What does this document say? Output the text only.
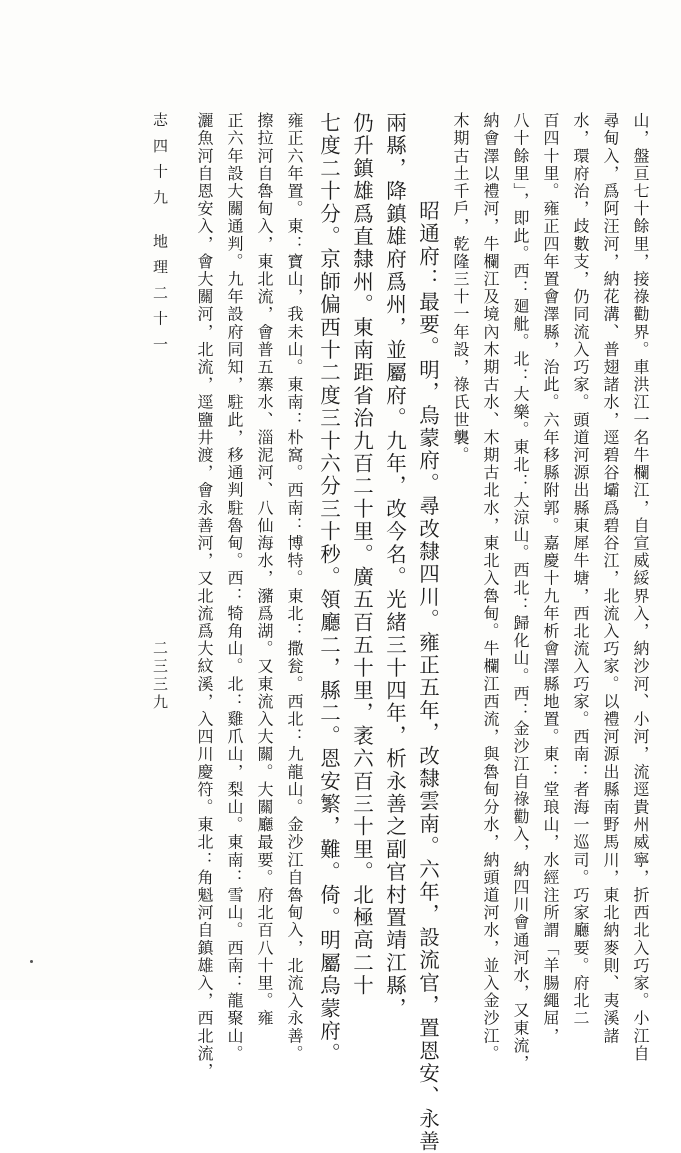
山，盤亘七十餘里，接祿勸界。車洪江一名牛欄江，自宣威綏界入，納沙河、小河，流逕貴州威寧，折西北入巧家。小江自
尋甸入，爲阿汪河，納花溝、普翅諸水，逕碧谷壩爲碧谷江，北流入巧家。以禮河源出縣南野馬川，東北納麥則、夷溪諸
水，環府治，歧數支，仍同流入巧家。頭道河源出縣東犀牛塘，西北流入巧家。西南：者海一巡司。巧家廳要。府北二
百四十里。雍正四年置會澤縣，治此。六年移縣附郭。嘉慶十九年析會澤縣地置。東：堂琅山，水經注所謂「羊腸繩屈，
八十餘里」，即此。西：廻舭。北：大樂。東北：大涼山。西北：歸化山。西：金沙江自祿勸入，納四川會通河水，又東流，
納會澤以禮河，牛欄江及境內木期古水、木期古北水，東北入魯甸。牛欄江西流，與魯甸分水，納頭道河水，並入金沙江。
木期古土千戶，乾隆三十一年設，祿氏世襲。
昭通府：最要。明，烏蒙府。尋改隸四川。雍正五年，改隸雲南。六年，設流官，置恩安、永善
兩縣，降鎮雄府爲州，並屬府。九年，改今名。光緒三十四年，析永善之副官村置靖江縣，
仍升鎮雄爲直隸州。東南距省治九百二十里。廣五百五十里，袤六百三十里。北極高二十
七度二十分。京師偏西十二度三十六分三十秒。領廳二，縣二。恩安繁，難。倚。明屬烏蒙府。
雍正六年置。東：寶山，我未山。東南：朴窩。西南：博特。東北：撒瓮。西北：九龍山。金沙江自魯甸入，北流入永善。
擦拉河自魯甸入，東北流，會普五寨水、淄泥河、八仙海水，瀦爲湖。又東流入大關。大關廳最要。府北百八十里。雍
正六年設大關通判。九年設府同知，駐此，移通判駐魯甸。西：犄角山。北：雞爪山，梨山。東南：雪山。西南：龍聚山。
灑魚河自恩安入，會大關河，北流，逕鹽井渡，會永善河，又北流爲大紋溪，入四川慶符。東北：角魁河自鎮雄入，西北流，
志 四 十 九　 地 理 二 十 一
二三三九
